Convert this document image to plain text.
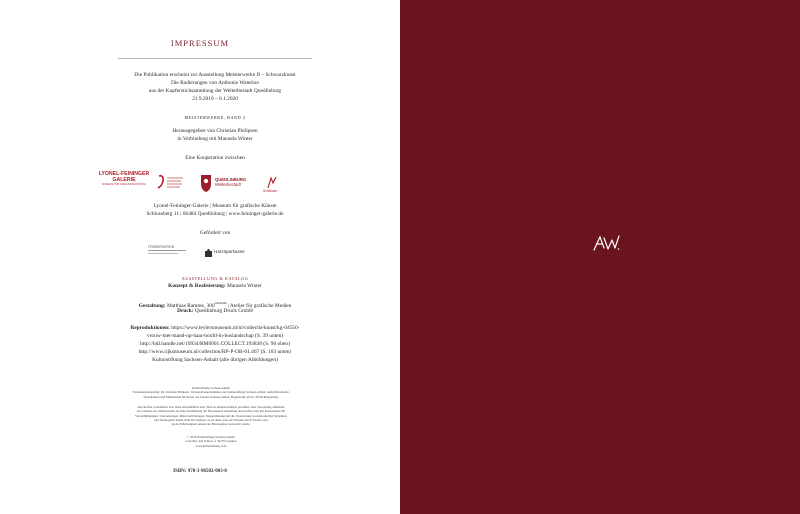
IMPRESSUM
Die Publikation erscheint zur Ausstellung Meisterwerke II – Schwarzkunst
Die Radierungen von Anthonie Waterloo
aus der Kupferstichsammlung der Welterbestadt Quedlinburg
21.9.2019 – 6.1.2020
MEISTERWERKE, BAND 2
Herausgegeben von Christian Philipsen
in Verbindung mit Manuela Winter
Eine Kooperation zwischen
LYONEL-FEININGER
GALERIE
MUSEUM FÜR GRAFISCHE KÜNSTE
QUEDLINBURG
Welterbestadt
Schlösser
Lyonel-Feininger-Galerie | Museum für grafische Künste
Schlossberg 11 | 06484 Quedlinburg | www.feininger-galerie.de
Gefördert von
FÖRDERVEREIN
Harzsparkasse
AUSSTELLUNG & KATALOG
Konzept & Realisierung: Manuela Winter
Gestaltung: Matthias Ramme, $300^{GRAMM}$ | Atelier für grafische Medien
Druck: Quedlinburg Druck GmbH
Reproduktionen: https://www.teylersmuseum.nl/nl/collectie/kunst/kg-04550-
vrouw-met-mand-op-haar-hoofd-in-boslandschap (S. 39 unten)
http://hdl.handle.net/10934/RM0001.COLLECT.193838 (S. 90 oben)
http://www.rijksmuseum.nl/collection/RP-P-OB-61.467 (S. 103 unten)
Kulturstiftung Sachsen-Anhalt (alle übrigen Abbildungen)
Kulturstiftung Sachsen-Anhalt
Vertretungsberechtigt: Dr. Christian Philipsen, Vorstand/Generaldirektor der Kulturstiftung Sachsen-Anhalt. Aufsichtsbehörde:
Staatskanzlei und Ministerium für Kultur des Landes Sachsen-Anhalt, Hegelstraße 40-42, 39104 Magdeburg.
Alle Rechte vorbehalten. Das Werk einschließlich aller Teile ist urheberrechtlich geschützt. Jede Verwertung außerhalb
der Grenzen des Urheberrechts ist ohne Zustimmung der Herausgeber unzulässig und strafbar. Das gilt insbesondere für
Vervielfältigungen, Übersetzungen, Mikroverfilmungen, Einspeicherung und die Verarbeitung in elektronischen Systemen.
Die Herausgeber haben nicht für Schäden, es sei denn, dass ein Schaden durch Vorsatz oder
grobe Fahrlässigkeit seitens der Herausgeber verursacht wurde.
© 2019 Kulturstiftung Sachsen-Anhalt
Leiterhof, Am Schloss 4, 39279 Leitzkau
www.kulturstiftung-st.de
ISBN: 978-3-96502-003-0
